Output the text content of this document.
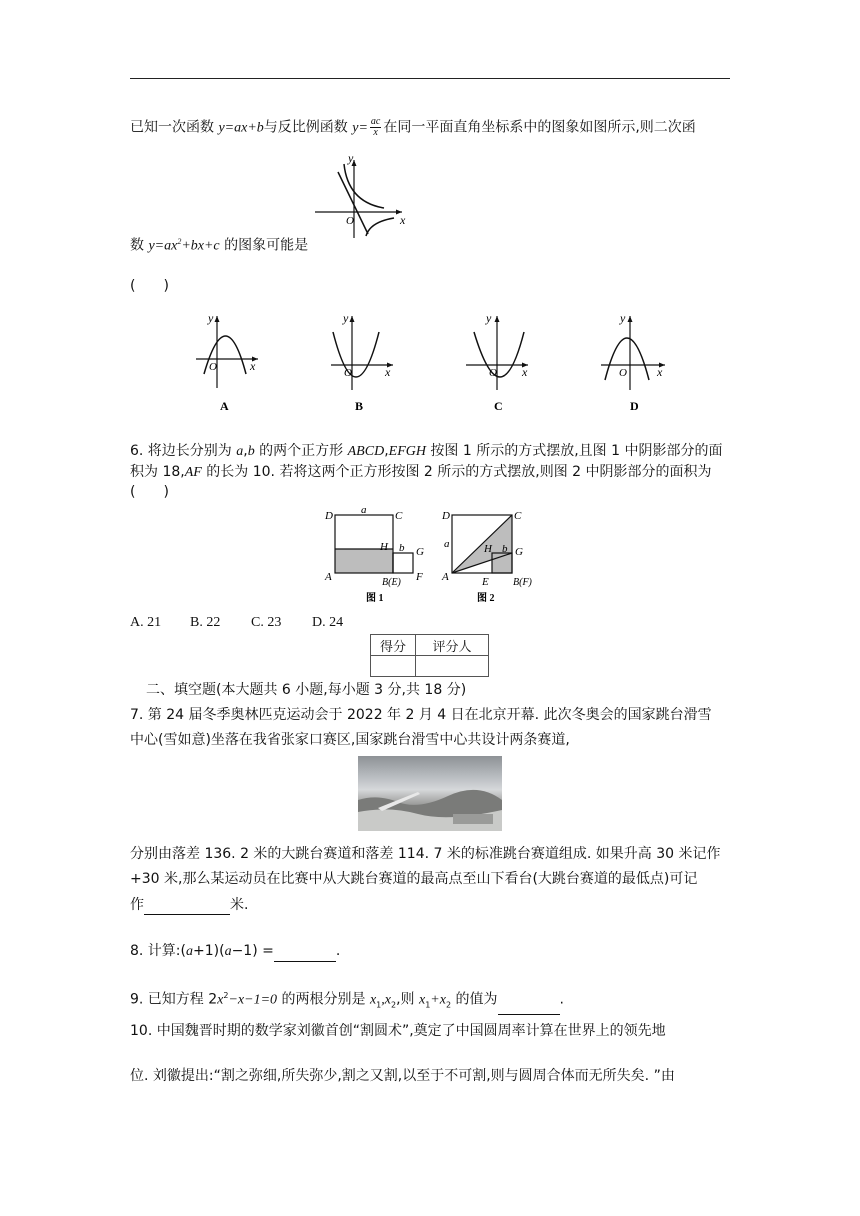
已知一次函数 y=ax+b与反比例函数 $y= \frac{ac}{x}$ 在同一平面直角坐标系中的图象如图所示,则二次函
y
x
O
数 $y=ax^2+bx+c$ 的图象可能是
(　　)
y
x
O
A
y
x
O
B
y
x
O
C
y
x
O
D
6. 将边长分别为 a,b 的两个正方形 ABCD,EFGH 按图 1 所示的方式摆放,且图 1 中阴影部分的面
积为 18,AF 的长为 10. 若将这两个正方形按图 2 所示的方式摆放,则图 2 中阴影部分的面积为
(　　)
D	a	C
H b G
A	B(E) F
图 1
D	C
a	H b G
A	E B(F)
图 2
A. 21 B. 22 C. 23 D. 24
得分	评分人

二、填空题(本大题共 6 小题,每小题 3 分,共 18 分)
7. 第 24 届冬季奥林匹克运动会于 2022 年 2 月 4 日在北京开幕. 此次冬奥会的国家跳台滑雪
中心(雪如意)坐落在我省张家口赛区,国家跳台滑雪中心共设计两条赛道,
分别由落差 136. 2 米的大跳台赛道和落差 114. 7 米的标准跳台赛道组成. 如果升高 30 米记作
+30 米,那么某运动员在比赛中从大跳台赛道的最高点至山下看台(大跳台赛道的最低点)可记
作	米.
8. 计算:(a+1)(a−1) =	.
9. 已知方程 $2x^2-x-1=0$ 的两根分别是 $x_1,x_2$,则 $x_1+x_2$ 的值为	.
10. 中国魏晋时期的数学家刘徽首创“割圆术”,奠定了中国圆周率计算在世界上的领先地
位. 刘徽提出:“割之弥细,所失弥少,割之又割,以至于不可割,则与圆周合体而无所失矣. ”由
